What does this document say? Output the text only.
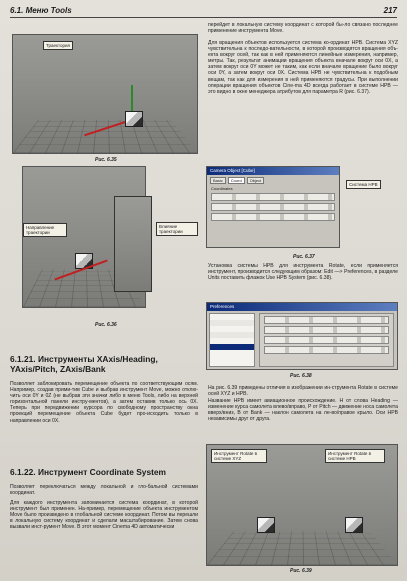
6.1. Меню Tools	217
Траектория
Рис. 6.35
Направление траектории
Влияние траектории
Рис. 6.36
6.1.21. Инструменты XAxis/Heading, YAxis/Pitch, ZAxis/Bank
Позволяет заблокировать перемещение объекта по соответствующим осям. Например, создав прими-тив Cube и выбрав инструмент Move, можно отклю-чить оси 0Y и 0Z (не выбрав эти значки либо в меню Tools, либо на верхней горизонтальной панели инстру-ментов), а затем оставив только ось 0X. Теперь при передвижении курсора по свободному пространству окна проекций перемещение объекта Cube будет про-исходить только в направлении оси 0X.
6.1.22. Инструмент Coordinate System
Позволяет переключаться между локальной и гло-бальной системами координат.
Для каждого инструмента запоминается система координат, в которой инструмент был применен. На-пример, перемещение объекта инструментом Move было произведено в глобальной системе координат. Потом вы перешли в локальную систему координат и сделали масштабирование. Затем снова вызвали инст-румент Move. В этот момент Cinema 4D автоматически
перейдет в локальную систему координат с которой бы-ло связано последнее применение инструмента Move.
Для вращения объектов используется система ко-ординат HPB. Система XYZ чувствительна к последо-вательности, в которой производятся вращения объ-екта вокруг осей, так как в ней применяются линейные измерения, например, метры. Так, результат анимации вращения объекта вначале вокруг оси 0X, а затем вокруг оси 0Y может не таким, как если вначале вращение было вокруг оси 0Y, а затем вокруг оси 0X. Система HPB не чувствительна к подобным вещам, так как для измерения в ней применяются градусы. При выполнении операции вращения объектов Cine-ma 4D всегда работает в системе HPB — это видно в окне менеджера атрибутов для параметра R (рис. 6.37).
Camera Object [Cube]
Basic	Coord	Object
Coordinates
Система HPB
Рис. 6.37
Установка системы HPB для инструмента Rotate, если применяется инструмент, производится следующим образом: Edit —> Preferences, в разделе Units поставить флажок Use HPB System (рис. 6.38).
Preferences
Рис. 6.38
На рис. 6.39 приведены отличия в изображении ин-струмента Rotate в системе осей XYZ и HPB.
Название HPB имеет авиационное происхождение. H от слова Heading — изменение курса самолета влево/вправо, P от Pitch — движение носа самолета вверх/вниз, B от Bank — наклон самолета на ле-во/правое крыло. Оси HPB независимы друг от друга.
Инструмент Rotate в системе XYZ
Инструмент Rotate в системе HPB
Рис. 6.39
